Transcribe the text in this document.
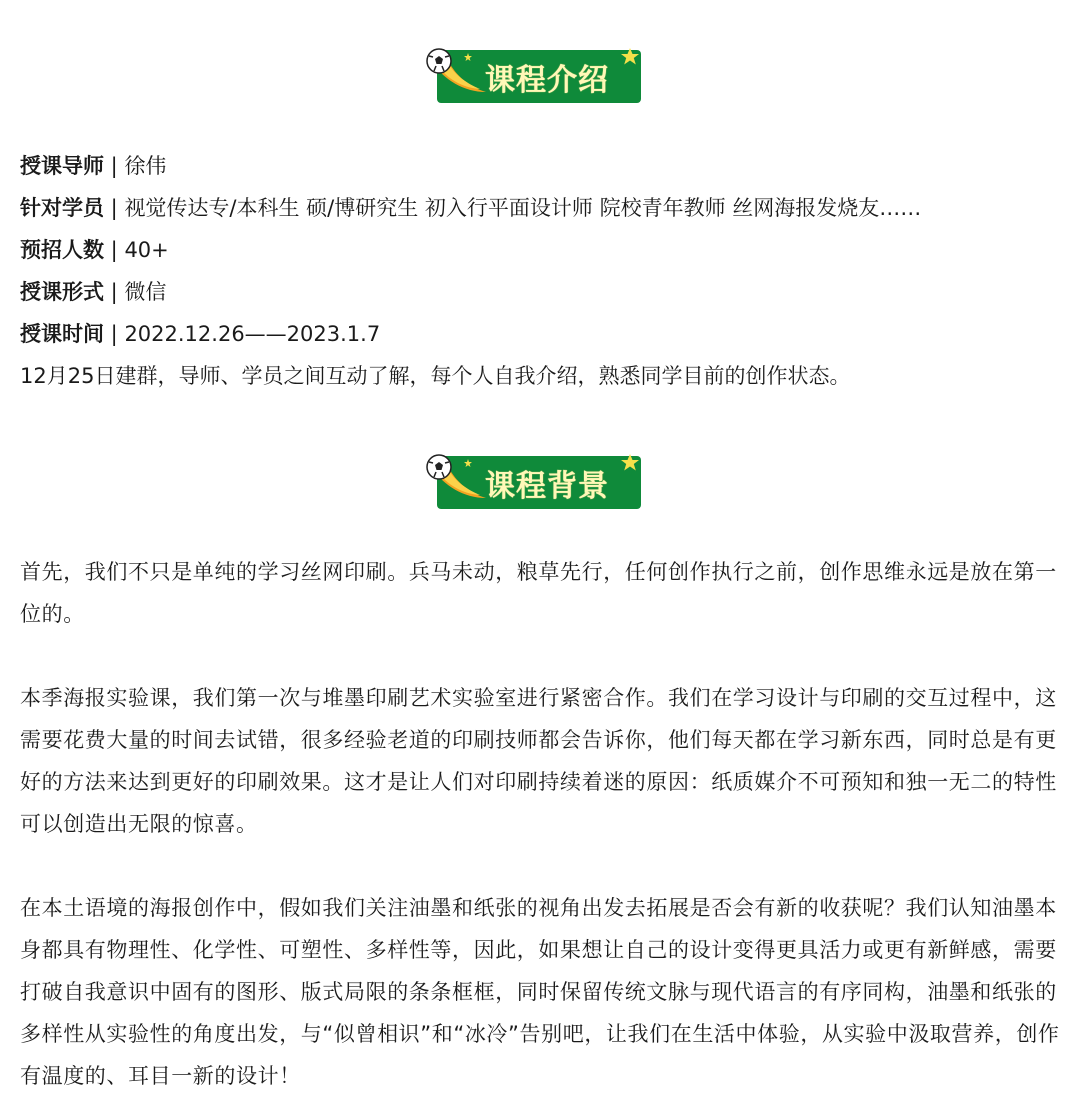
课程介绍
授课导师 | 徐伟
针对学员 | 视觉传达专/本科生 硕/博研究生 初入行平面设计师 院校青年教师 丝网海报发烧友……
预招人数 | 40+
授课形式 | 微信
授课时间 | 2022.12.26——2023.1.7
12月25日建群，导师、学员之间互动了解，每个人自我介绍，熟悉同学目前的创作状态。
课程背景
首先，我们不只是单纯的学习丝网印刷。兵马未动，粮草先行，任何创作执行之前，创作思维永远是放在第一位的。
本季海报实验课，我们第一次与堆墨印刷艺术实验室进行紧密合作。我们在学习设计与印刷的交互过程中，这需要花费大量的时间去试错，很多经验老道的印刷技师都会告诉你，他们每天都在学习新东西，同时总是有更好的方法来达到更好的印刷效果。这才是让人们对印刷持续着迷的原因：纸质媒介不可预知和独一无二的特性可以创造出无限的惊喜。
在本土语境的海报创作中，假如我们关注油墨和纸张的视角出发去拓展是否会有新的收获呢？我们认知油墨本身都具有物理性、化学性、可塑性、多样性等，因此，如果想让自己的设计变得更具活力或更有新鲜感，需要打破自我意识中固有的图形、版式局限的条条框框，同时保留传统文脉与现代语言的有序同构，油墨和纸张的多样性从实验性的角度出发，与“似曾相识”和“冰冷”告别吧，让我们在生活中体验，从实验中汲取营养，创作有温度的、耳目一新的设计！
